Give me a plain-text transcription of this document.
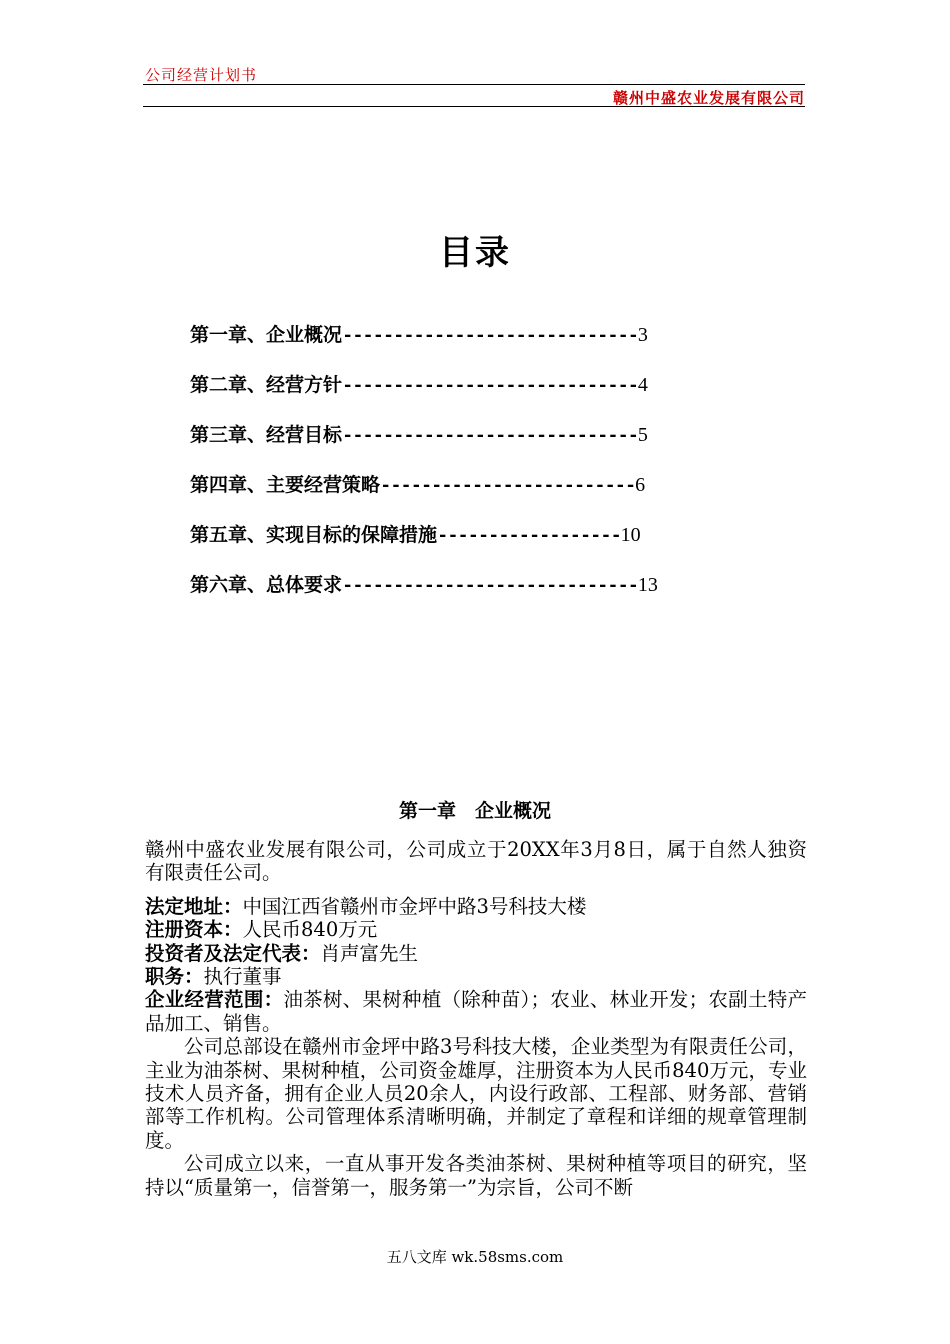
公司经营计划书
赣州中盛农业发展有限公司
目录
第一章、企业概况-----------------------------3
第二章、经营方针-----------------------------4
第三章、经营目标-----------------------------5
第四章、主要经营策略-------------------------6
第五章、实现目标的保障措施------------------10
第六章、总体要求-----------------------------13
第一章　企业概况

赣州中盛农业发展有限公司，公司成立于20XX年3月8日，属于自然人独资有限责任公司。

法定地址：中国江西省赣州市金坪中路3号科技大楼

注册资本：人民币840万元

投资者及法定代表：肖声富先生

职务：执行董事

企业经营范围：油茶树、果树种植（除种苗）；农业、林业开发；农副土特产品加工、销售。

公司总部设在赣州市金坪中路3号科技大楼，企业类型为有限责任公司，主业为油茶树、果树种植，公司资金雄厚，注册资本为人民币840万元，专业技术人员齐备，拥有企业人员20余人，内设行政部、工程部、财务部、营销部等工作机构。公司管理体系清晰明确，并制定了章程和详细的规章管理制度。

公司成立以来，一直从事开发各类油茶树、果树种植等项目的研究，坚持以“质量第一，信誉第一，服务第一”为宗旨，公司不断

五八文库 wk.58sms.com
